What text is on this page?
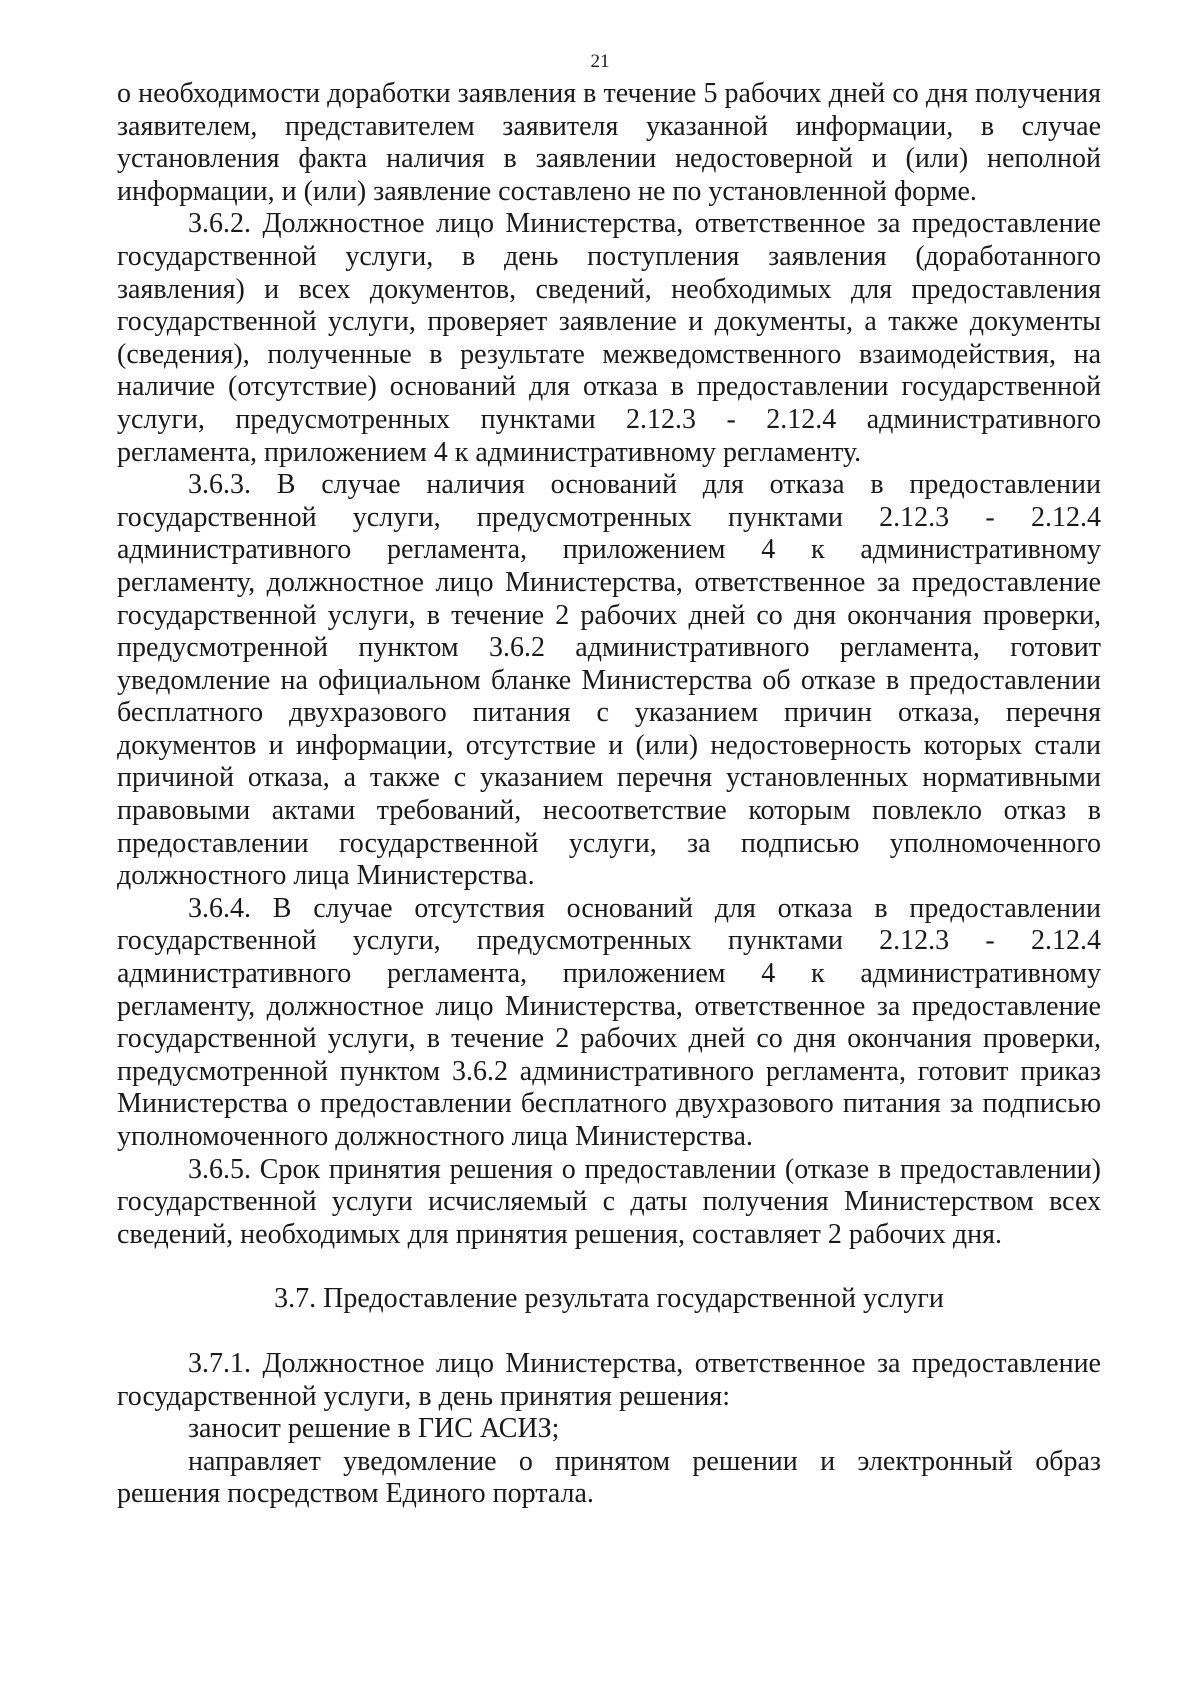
21

о необходимости доработки заявления в течение 5 рабочих дней со дня получения заявителем, представителем заявителя указанной информации, в случае установления факта наличия в заявлении недостоверной и (или) неполной информации, и (или) заявление составлено не по установленной форме.

3.6.2. Должностное лицо Министерства, ответственное за предоставление государственной услуги, в день поступления заявления (доработанного заявления) и всех документов, сведений, необходимых для предоставления государственной услуги, проверяет заявление и документы, а также документы (сведения), полученные в результате межведомственного взаимодействия, на наличие (отсутствие) оснований для отказа в предоставлении государственной услуги, предусмотренных пунктами 2.12.3 - 2.12.4 административного регламента, приложением 4 к административному регламенту.

3.6.3. В случае наличия оснований для отказа в предоставлении государственной услуги, предусмотренных пунктами 2.12.3 - 2.12.4 административного регламента, приложением 4 к административному регламенту, должностное лицо Министерства, ответственное за предоставление государственной услуги, в течение 2 рабочих дней со дня окончания проверки, предусмотренной пунктом 3.6.2 административного регламента, готовит уведомление на официальном бланке Министерства об отказе в предоставлении бесплатного двухразового питания с указанием причин отказа, перечня документов и информации, отсутствие и (или) недостоверность которых стали причиной отказа, а также с указанием перечня установленных нормативными правовыми актами требований, несоответствие которым повлекло отказ в предоставлении государственной услуги, за подписью уполномоченного должностного лица Министерства.

3.6.4. В случае отсутствия оснований для отказа в предоставлении государственной услуги, предусмотренных пунктами 2.12.3 - 2.12.4 административного регламента, приложением 4 к административному регламенту, должностное лицо Министерства, ответственное за предоставление государственной услуги, в течение 2 рабочих дней со дня окончания проверки, предусмотренной пунктом 3.6.2 административного регламента, готовит приказ Министерства о предоставлении бесплатного двухразового питания за подписью уполномоченного должностного лица Министерства.

3.6.5. Срок принятия решения о предоставлении (отказе в предоставлении) государственной услуги исчисляемый с даты получения Министерством всех сведений, необходимых для принятия решения, составляет 2 рабочих дня.

3.7. Предоставление результата государственной услуги

3.7.1. Должностное лицо Министерства, ответственное за предоставление государственной услуги, в день принятия решения:

заносит решение в ГИС АСИЗ;

направляет уведомление о принятом решении и электронный образ решения посредством Единого портала.
